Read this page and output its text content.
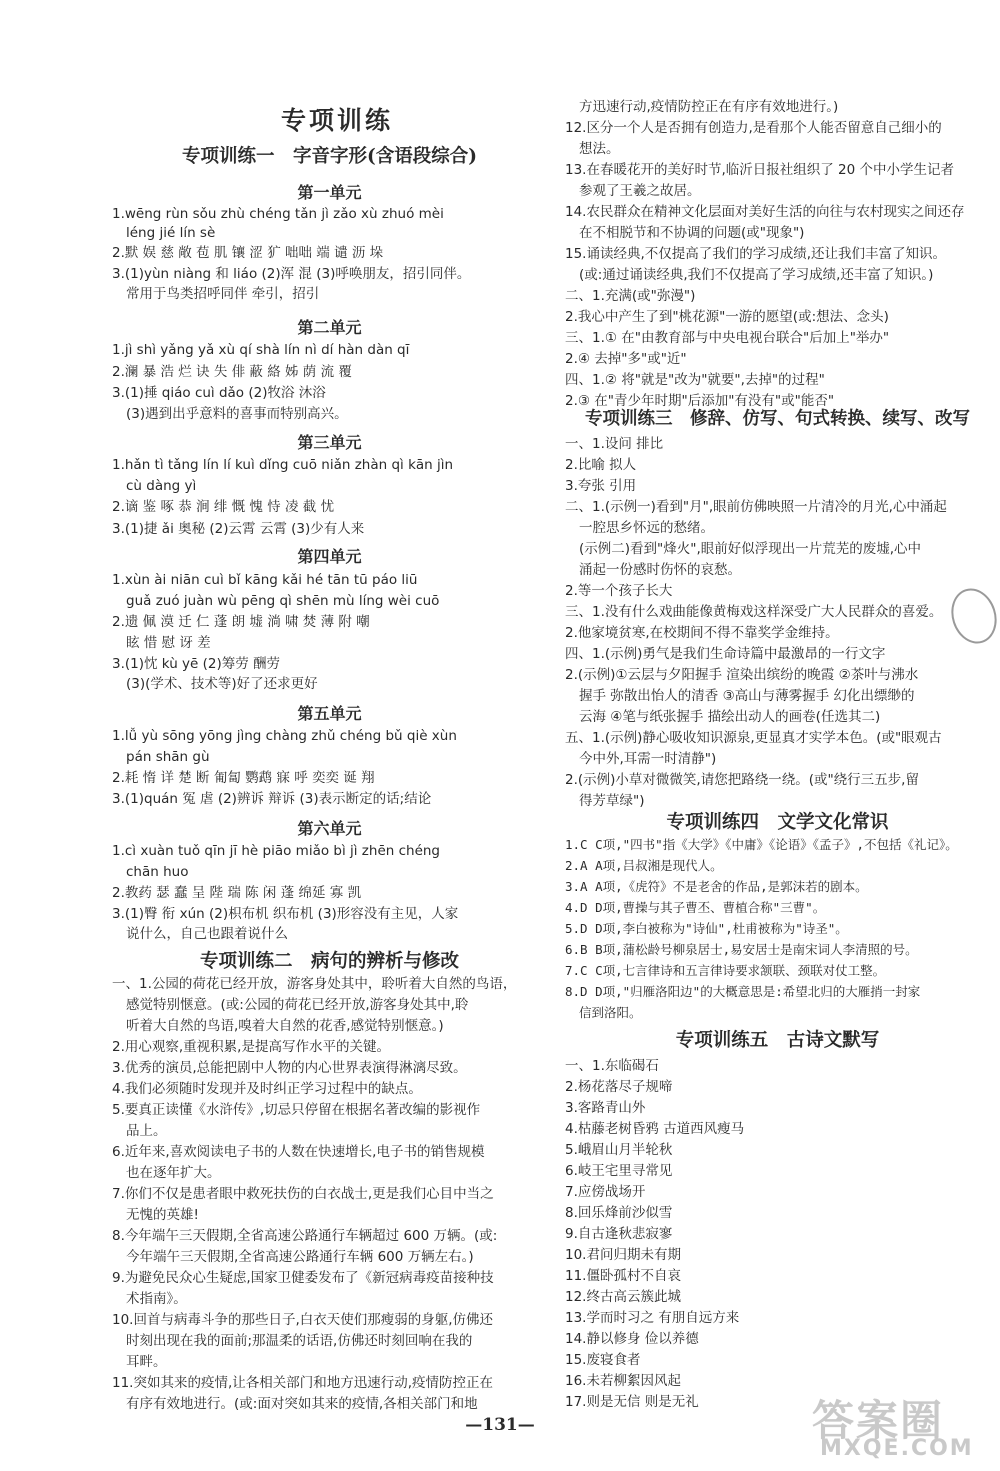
专项训练
专项训练一　字音字形(含语段综合)
第一单元
1.wēng rùn sǒu zhù chéng tǎn jì zǎo xù zhuó mèi
léng jié lín sè
2.默 娱 慈 敞 苞 肌 镶 涩 犷 咄咄 端 谴 沥 垛
3.(1)yùn niàng 和 liáo (2)浑 混 (3)呼唤朋友，招引同伴。
常用于鸟类招呼同伴 牵引，招引
第二单元
1.jì shì yǎng yǎ xù qí shà lín nì dí hàn dàn qī
2.澜 暴 浩 烂 诀 失 俳 蔽 絡 姊 荫 流 覆
3.(1)捶 qiáo cuì dǎo (2)牧浴 沐浴
(3)遇到出乎意料的喜事而特别高兴。
第三单元
1.hǎn tì tǎng lín lí kuì dǐng cuō niǎn zhàn qì kān jìn
cù dàng yì
2.谪 鉴 啄 恭 涧 绯 慨 愧 恃 凌 截 忧
3.(1)捷 ǎi 奥秘 (2)云霄 云霄 (3)少有人来
第四单元
1.xùn ài niān cuì bǐ kāng kǎi hé tān tū páo liū
guǎ zuó juàn wù pēng qì shēn mù líng wèi cuō
2.遗 佩 漠 迁 仁 蓬 朗 墟 淌 啸 焚 薄 附 嘲
眩 惜 慰 讶 差
3.(1)忱 kù yē (2)筹劳 酬劳
(3)(学术、技术等)好了还求更好
第五单元
1.lǚ yù sōng yōng jìng chàng zhǔ chéng bǔ qiè xùn
pán shān gù
2.耗 惰 详 楚 断 匍匐 鹦鹉 寐 呼 奕奕 诞 翔
3.(1)quán 冤 虐 (2)辨诉 辩诉 (3)表示断定的话;结论
第六单元
1.cì xuàn tuǒ qīn jī hè piāo miǎo bì jì zhēn chéng
chān huo
2.教药 瑟 蠢 呈 陛 瑞 陈 闲 蓬 绵延 寡 凯
3.(1)臀 衔 xún (2)枳布机 织布机 (3)形容没有主见，人家
说什么，自己也跟着说什么
专项训练二　病句的辨析与修改
一、1.公园的荷花已经开放，游客身处其中，聆听着大自然的鸟语，
感觉特别惬意。(或:公园的荷花已经开放,游客身处其中,聆
听着大自然的鸟语,嗅着大自然的花香,感觉特别惬意。)
2.用心观察,重视积累,是提高写作水平的关键。
3.优秀的演员,总能把剧中人物的内心世界表演得淋漓尽致。
4.我们必须随时发现并及时纠正学习过程中的缺点。
5.要真正读懂《水浒传》,切忌只停留在根据名著改编的影视作
品上。
6.近年来,喜欢阅读电子书的人数在快速增长,电子书的销售规模
也在逐年扩大。
7.你们不仅是患者眼中救死扶伤的白衣战士,更是我们心目中当之
无愧的英雄!
8.今年端午三天假期,全省高速公路通行车辆超过 600 万辆。(或:
今年端午三天假期,全省高速公路通行车辆 600 万辆左右。)
9.为避免民众心生疑虑,国家卫健委发布了《新冠病毒疫苗接种技
术指南》。
10.回首与病毒斗争的那些日子,白衣天使们那瘦弱的身躯,仿佛还
时刻出现在我的面前;那温柔的话语,仿佛还时刻回响在我的
耳畔。
11.突如其来的疫情,让各相关部门和地方迅速行动,疫情防控正在
有序有效地进行。(或:面对突如其来的疫情,各相关部门和地
方迅速行动,疫情防控正在有序有效地进行。)
12.区分一个人是否拥有创造力,是看那个人能否留意自己细小的
想法。
13.在春暖花开的美好时节,临沂日报社组织了 20 个中小学生记者
参观了王羲之故居。
14.农民群众在精神文化层面对美好生活的向往与农村现实之间还存
在不相脱节和不协调的问题(或"现象")
15.诵读经典,不仅提高了我们的学习成绩,还让我们丰富了知识。
(或:通过诵读经典,我们不仅提高了学习成绩,还丰富了知识。)
二、1.充满(或"弥漫")
2.我心中产生了到"桃花源"一游的愿望(或:想法、念头)
三、1.① 在"由教育部与中央电视台联合"后加上"举办"
2.④ 去掉"多"或"近"
四、1.② 将"就是"改为"就要",去掉"的过程"
2.③ 在"青少年时期"后添加"有没有"或"能否"
专项训练三　修辞、仿写、句式转换、续写、改写
一、1.设问 排比
2.比喻 拟人
3.夸张 引用
二、1.(示例一)看到"月",眼前仿佛映照一片清冷的月光,心中涌起
一腔思乡怀远的愁绪。
(示例二)看到"烽火",眼前好似浮现出一片荒芜的废墟,心中
涌起一份感时伤怀的哀愁。
2.等一个孩子长大
三、1.没有什么戏曲能像黄梅戏这样深受广大人民群众的喜爱。
2.他家境贫寒,在校期间不得不靠奖学金维持。
四、1.(示例)勇气是我们生命诗篇中最激昂的一行文字
2.(示例)①云层与夕阳握手 渲染出缤纷的晚霞 ②茶叶与沸水
握手 弥散出怡人的清香 ③高山与薄雾握手 幻化出缥缈的
云海 ④笔与纸张握手 描绘出动人的画卷(任选其二)
五、1.(示例)静心吸收知识源泉,更显真才实学本色。(或"眼观古
今中外,耳需一时清静")
2.(示例)小草对微微笑,请您把路绕一绕。(或"绕行三五步,留
得芳草绿")
专项训练四　文学文化常识
1.C C项,"四书"指《大学》《中庸》《论语》《孟子》,不包括《礼记》。
2.A A项,吕叔湘是现代人。
3.A A项,《虎符》不是老舍的作品,是郭沫若的剧本。
4.D D项,曹操与其子曹丕、曹植合称"三曹"。
5.D D项,李白被称为"诗仙",杜甫被称为"诗圣"。
6.B B项,蒲松龄号柳泉居士,易安居士是南宋词人李清照的号。
7.C C项,七言律诗和五言律诗要求颔联、颈联对仗工整。
8.D D项,"归雁洛阳边"的大概意思是:希望北归的大雁捎一封家
信到洛阳。
专项训练五　古诗文默写
一、1.东临碣石
2.杨花落尽子规啼
3.客路青山外
4.枯藤老树昏鸦 古道西风瘦马
5.峨眉山月半轮秋
6.岐王宅里寻常见
7.应傍战场开
8.回乐烽前沙似雪
9.自古逢秋悲寂寥
10.君问归期未有期
11.僵卧孤村不自哀
12.终古高云簇此城
13.学而时习之 有朋自远方来
14.静以修身 俭以养德
15.废寝食者
16.未若柳絮因风起
17.则是无信 则是无礼
—131—	答案圈
MXQE.COM
